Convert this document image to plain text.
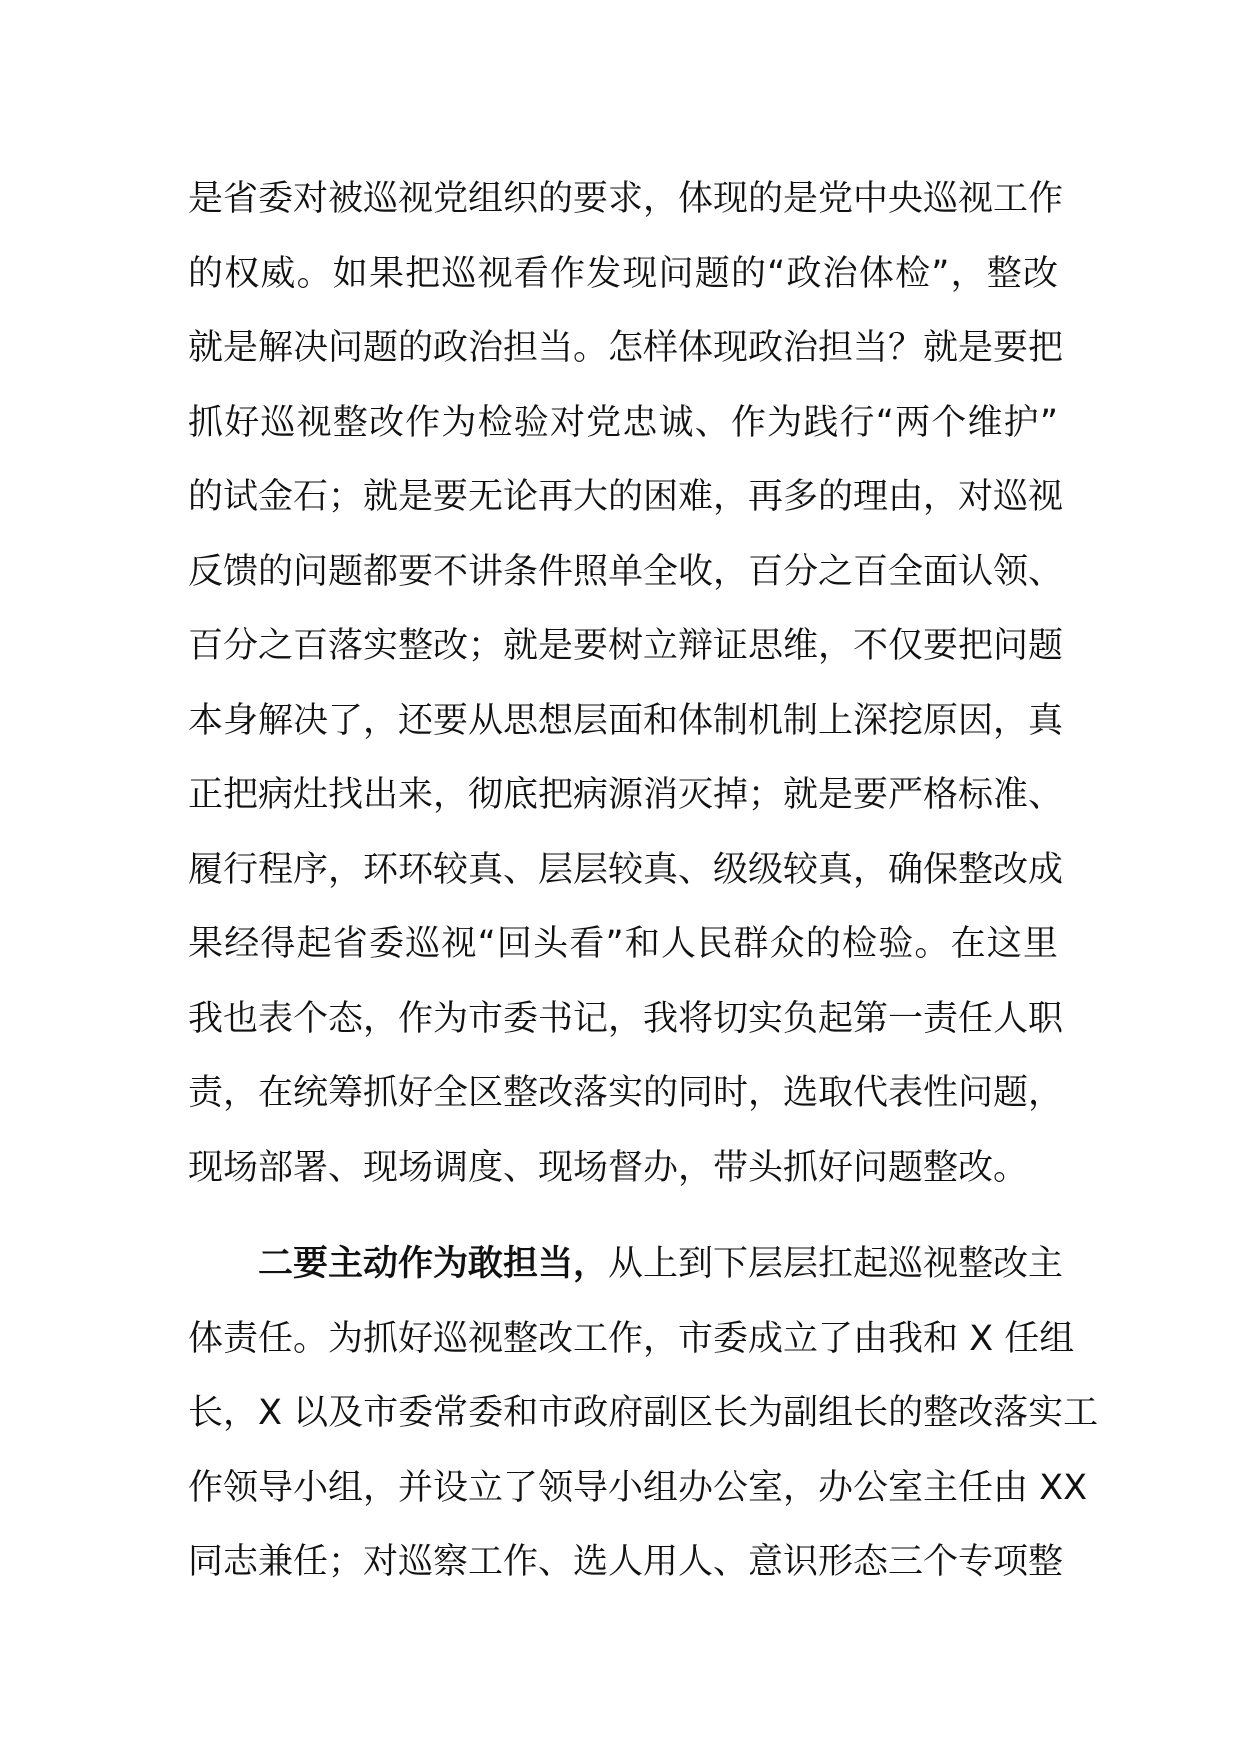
是省委对被巡视党组织的要求，体现的是党中央巡视工作
的权威。如果把巡视看作发现问题的“政治体检”，整改
就是解决问题的政治担当。怎样体现政治担当？就是要把
抓好巡视整改作为检验对党忠诚、作为践行“两个维护”
的试金石；就是要无论再大的困难，再多的理由，对巡视
反馈的问题都要不讲条件照单全收，百分之百全面认领、
百分之百落实整改；就是要树立辩证思维，不仅要把问题
本身解决了，还要从思想层面和体制机制上深挖原因，真
正把病灶找出来，彻底把病源消灭掉；就是要严格标准、
履行程序，环环较真、层层较真、级级较真，确保整改成
果经得起省委巡视“回头看”和人民群众的检验。在这里
我也表个态，作为市委书记，我将切实负起第一责任人职
责，在统筹抓好全区整改落实的同时，选取代表性问题，
现场部署、现场调度、现场督办，带头抓好问题整改。
二要主动作为敢担当，从上到下层层扛起巡视整改主
体责任。为抓好巡视整改工作，市委成立了由我和 X 任组
长，X 以及市委常委和市政府副区长为副组长的整改落实工
作领导小组，并设立了领导小组办公室，办公室主任由 XX
同志兼任；对巡察工作、选人用人、意识形态三个专项整
